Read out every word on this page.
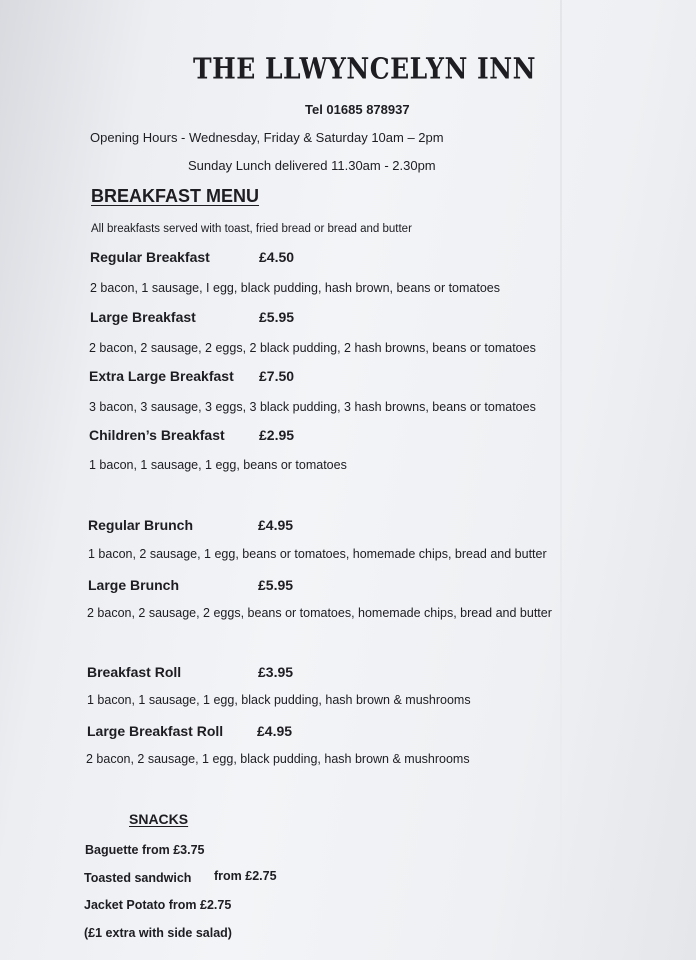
THE LLWYNCELYN INN
Tel 01685 878937
Opening Hours - Wednesday, Friday & Saturday 10am – 2pm
Sunday Lunch delivered 11.30am - 2.30pm
BREAKFAST MENU
All breakfasts served with toast, fried bread or bread and butter
Regular Breakfast	£4.50
2 bacon, 1 sausage, I egg, black pudding, hash brown, beans or tomatoes
Large Breakfast	£5.95
2 bacon, 2 sausage, 2 eggs, 2 black pudding, 2 hash browns, beans or tomatoes
Extra Large Breakfast £7.50
3 bacon, 3 sausage, 3 eggs, 3 black pudding, 3 hash browns, beans or tomatoes
Children’s Breakfast £2.95
1 bacon, 1 sausage, 1 egg, beans or tomatoes
Regular Brunch	£4.95
1 bacon, 2 sausage, 1 egg, beans or tomatoes, homemade chips, bread and butter
Large Brunch	£5.95
2 bacon, 2 sausage, 2 eggs, beans or tomatoes, homemade chips, bread and butter
Breakfast Roll	£3.95
1 bacon, 1 sausage, 1 egg, black pudding, hash brown & mushrooms
Large Breakfast Roll £4.95
2 bacon, 2 sausage, 1 egg, black pudding, hash brown & mushrooms
SNACKS
Baguette from £3.75
Toasted sandwich from £2.75
Jacket Potato from £2.75
(£1 extra with side salad)
